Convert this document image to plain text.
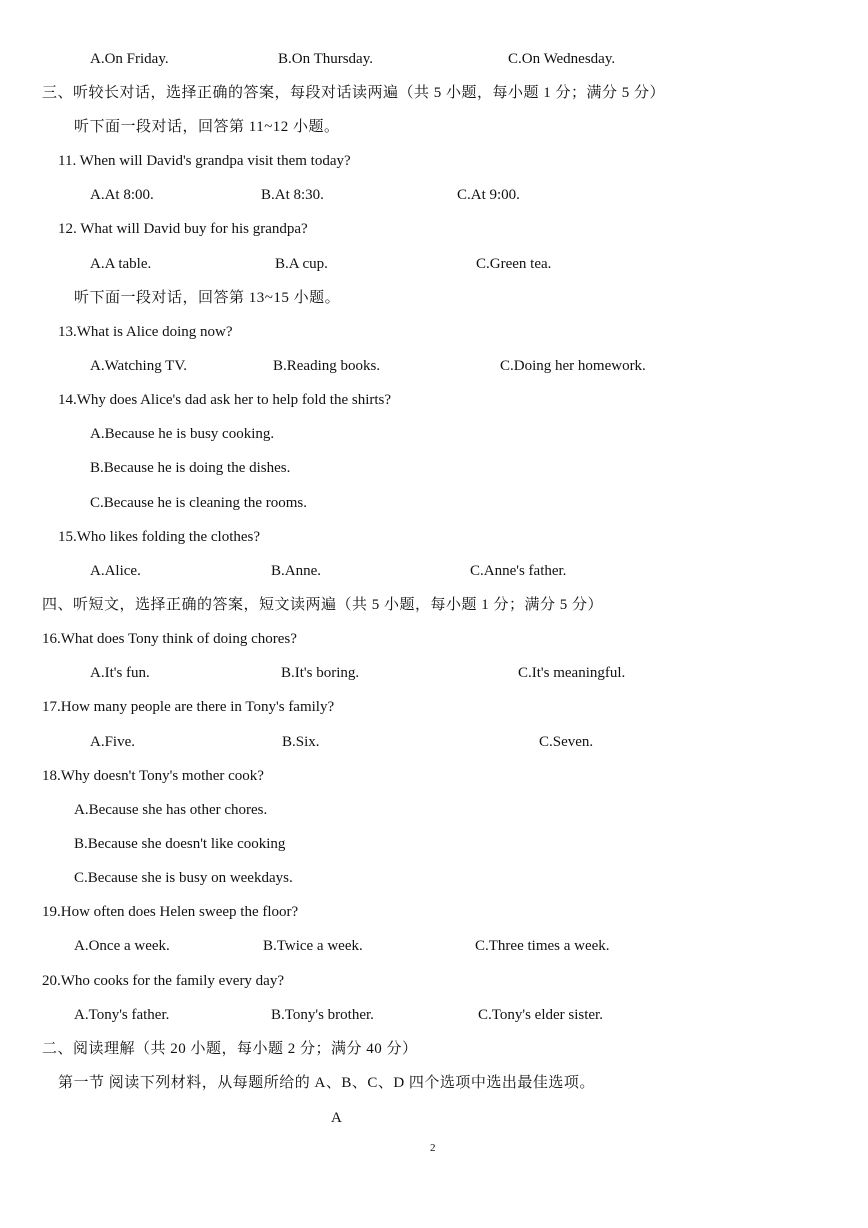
A.On Friday.	B.On Thursday.	C.On Wednesday.
三、听较长对话，选择正确的答案，每段对话读两遍（共 5 小题，每小题 1 分；满分 5 分）
听下面一段对话，回答第 11~12 小题。
11. When will David's grandpa visit them today?
A.At 8:00.	B.At 8:30.	C.At 9:00.
12. What will David buy for his grandpa?
A.A table.	B.A cup.	C.Green tea.
听下面一段对话，回答第 13~15 小题。
13.What is Alice doing now?
A.Watching TV.	B.Reading books.	C.Doing her homework.
14.Why does Alice's dad ask her to help fold the shirts?
A.Because he is busy cooking.
B.Because he is doing the dishes.
C.Because he is cleaning the rooms.
15.Who likes folding the clothes?
A.Alice.	B.Anne.	C.Anne's father.
四、听短文，选择正确的答案，短文读两遍（共 5 小题，每小题 1 分；满分 5 分）
16.What does Tony think of doing chores?
A.It's fun.	B.It's boring.	C.It's meaningful.
17.How many people are there in Tony's family?
A.Five.	B.Six.	C.Seven.
18.Why doesn't Tony's mother cook?
A.Because she has other chores.
B.Because she doesn't like cooking
C.Because she is busy on weekdays.
19.How often does Helen sweep the floor?
A.Once a week.	B.Twice a week.	C.Three times a week.
20.Who cooks for the family every day?
A.Tony's father.	B.Tony's brother.	C.Tony's elder sister.
二、阅读理解（共 20 小题，每小题 2 分；满分 40 分）
第一节 阅读下列材料，从每题所给的 A、B、C、D 四个选项中选出最佳选项。
A
2
